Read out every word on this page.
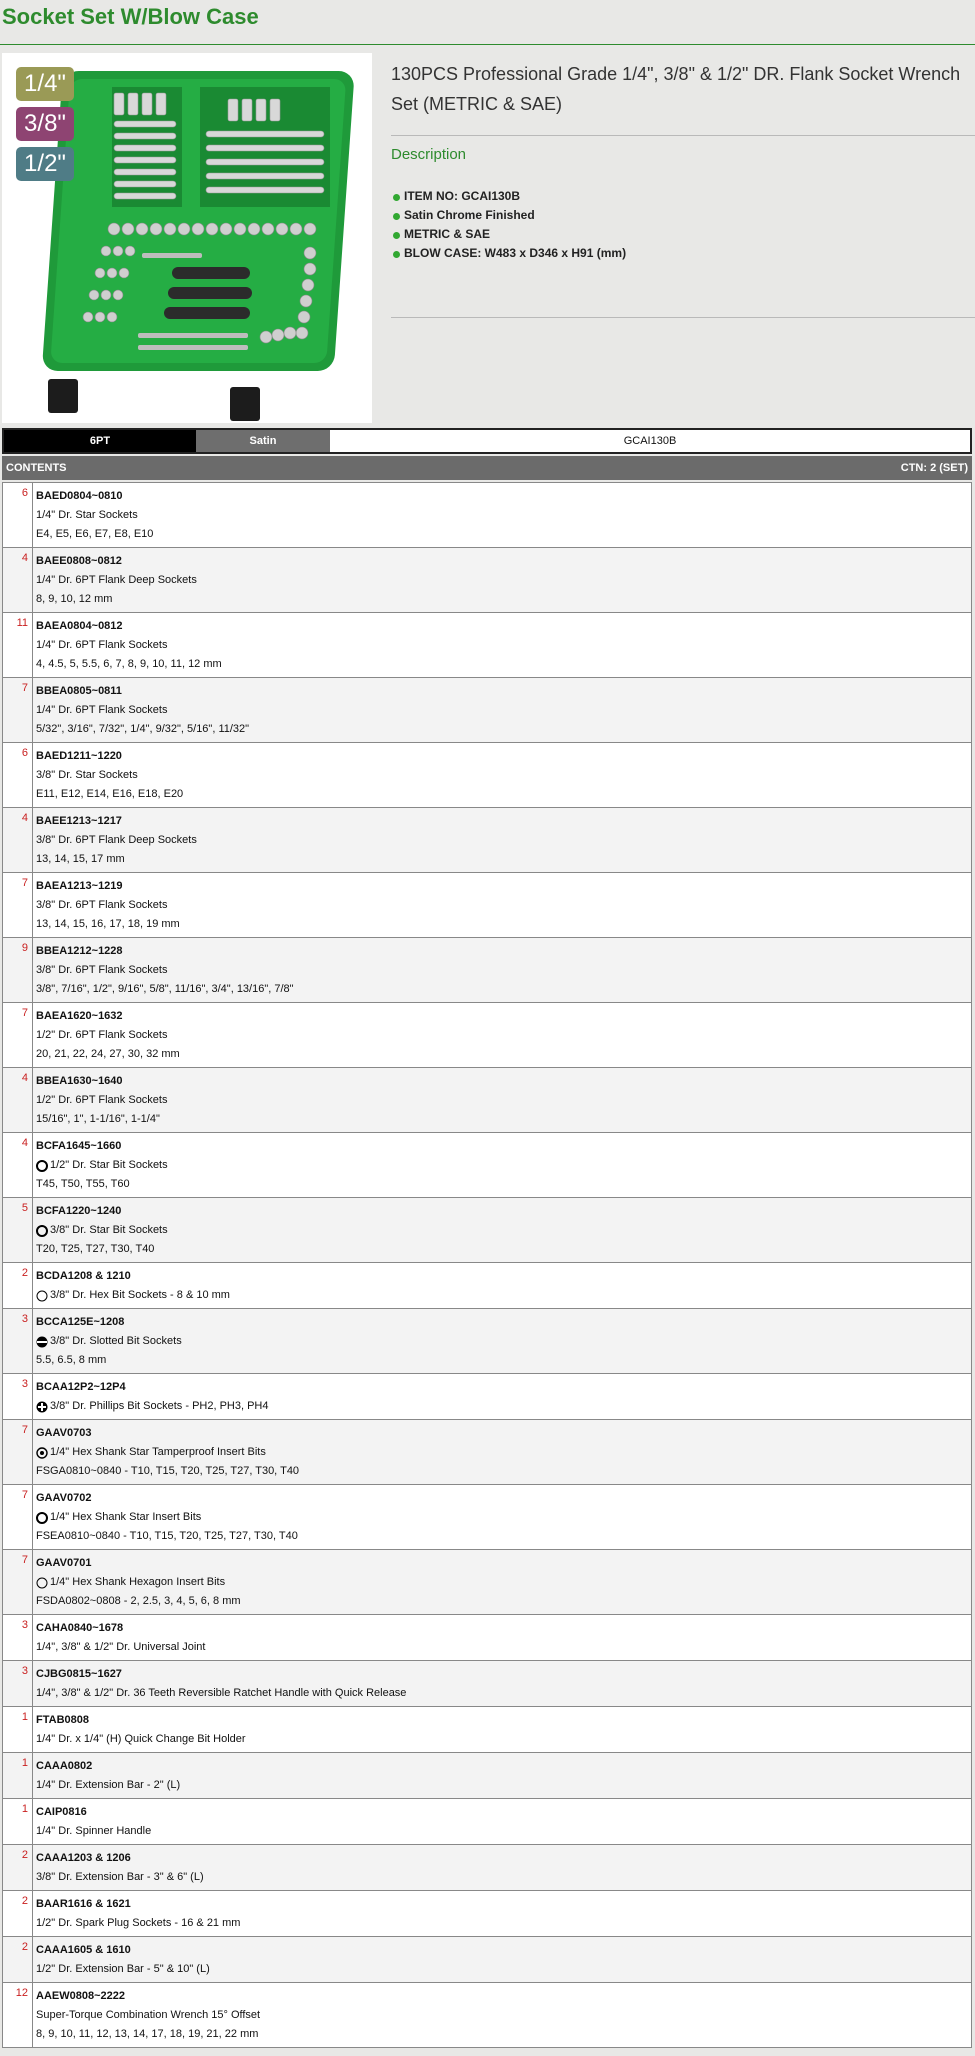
Socket Set W/Blow Case
1/4"
3/8"
1/2"
130PCS Professional Grade 1/4", 3/8" & 1/2" DR. Flank Socket Wrench Set (METRIC & SAE)
Description
ITEM NO: GCAI130B
Satin Chrome Finished
METRIC & SAE
BLOW CASE: W483 x D346 x H91 (mm)
6PT	Satin	GCAI130B
CONTENTS	CTN: 2 (SET)
6 BAED0804~0810
1/4" Dr. Star Sockets
E4, E5, E6, E7, E8, E10
4 BAEE0808~0812
1/4" Dr. 6PT Flank Deep Sockets
8, 9, 10, 12 mm
11 BAEA0804~0812
1/4" Dr. 6PT Flank Sockets
4, 4.5, 5, 5.5, 6, 7, 8, 9, 10, 11, 12 mm
7 BBEA0805~0811
1/4" Dr. 6PT Flank Sockets
5/32", 3/16", 7/32", 1/4", 9/32", 5/16", 11/32"
6 BAED1211~1220
3/8" Dr. Star Sockets
E11, E12, E14, E16, E18, E20
4 BAEE1213~1217
3/8" Dr. 6PT Flank Deep Sockets
13, 14, 15, 17 mm
7 BAEA1213~1219
3/8" Dr. 6PT Flank Sockets
13, 14, 15, 16, 17, 18, 19 mm
9 BBEA1212~1228
3/8" Dr. 6PT Flank Sockets
3/8", 7/16", 1/2", 9/16", 5/8", 11/16", 3/4", 13/16", 7/8"
7 BAEA1620~1632
1/2" Dr. 6PT Flank Sockets
20, 21, 22, 24, 27, 30, 32 mm
4 BBEA1630~1640
1/2" Dr. 6PT Flank Sockets
15/16", 1", 1-1/16", 1-1/4"
4 BCFA1645~1660
1/2" Dr. Star Bit Sockets
T45, T50, T55, T60
5 BCFA1220~1240
3/8" Dr. Star Bit Sockets
T20, T25, T27, T30, T40
2 BCDA1208 & 1210
3/8" Dr. Hex Bit Sockets - 8 & 10 mm
3 BCCA125E~1208
3/8" Dr. Slotted Bit Sockets
5.5, 6.5, 8 mm
3 BCAA12P2~12P4
3/8" Dr. Phillips Bit Sockets - PH2, PH3, PH4
7 GAAV0703
1/4" Hex Shank Star Tamperproof Insert Bits
FSGA0810~0840 - T10, T15, T20, T25, T27, T30, T40
7 GAAV0702
1/4" Hex Shank Star Insert Bits
FSEA0810~0840 - T10, T15, T20, T25, T27, T30, T40
7 GAAV0701
1/4" Hex Shank Hexagon Insert Bits
FSDA0802~0808 - 2, 2.5, 3, 4, 5, 6, 8 mm
3 CAHA0840~1678
1/4", 3/8" & 1/2" Dr. Universal Joint
3 CJBG0815~1627
1/4", 3/8" & 1/2" Dr. 36 Teeth Reversible Ratchet Handle with Quick Release
1 FTAB0808
1/4" Dr. x 1/4" (H) Quick Change Bit Holder
1 CAAA0802
1/4" Dr. Extension Bar - 2" (L)
1 CAIP0816
1/4" Dr. Spinner Handle
2 CAAA1203 & 1206
3/8" Dr. Extension Bar - 3" & 6" (L)
2 BAAR1616 & 1621
1/2" Dr. Spark Plug Sockets - 16 & 21 mm
2 CAAA1605 & 1610
1/2" Dr. Extension Bar - 5" & 10" (L)
12 AAEW0808~2222
Super-Torque Combination Wrench 15° Offset
8, 9, 10, 11, 12, 13, 14, 17, 18, 19, 21, 22 mm
